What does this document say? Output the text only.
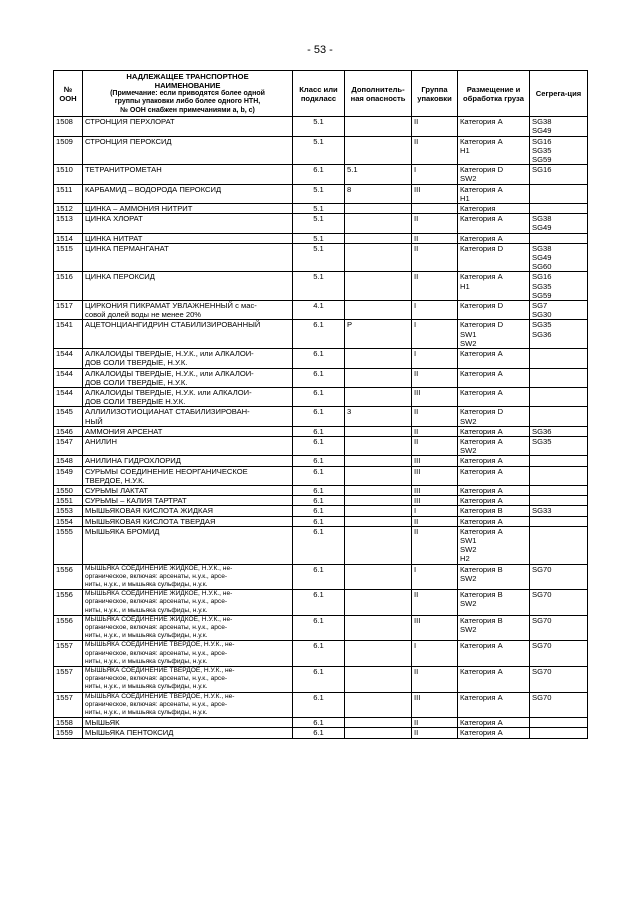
- 53 -
№ ООН	НАДЛЕЖАЩЕЕ ТРАНСПОРТНОЕ
НАИМЕНОВАНИЕ
(Примечание: если приводятся более одной
группы упаковки либо более одного НТН,
№ ООН снабжен примечаниями a, b, c)	Класс или подкласс	Дополнитель-ная опасность	Группа упаковки	Размещение и обработка груза	Сегрега-ция
1508	СТРОНЦИЯ ПЕРХЛОРАТ	5.1		II	Категория A	SG38
SG49

1509	СТРОНЦИЯ ПЕРОКСИД	5.1		II	Категория A
H1	SG16
SG35
SG59

1510	ТЕТРАНИТРОМЕТАН	6.1	5.1	I	Категория D
SW2	SG16

1511	КАРБАМИД – ВОДОРОДА ПЕРОКСИД	5.1	8	III	Категория A
H1	

1512	ЦИНКА – АММОНИЯ НИТРИТ	5.1			Категория	

1513	ЦИНКА ХЛОРАТ	5.1		II	Категория A	SG38
SG49

1514	ЦИНКА НИТРАТ	5.1		II	Категория A	

1515	ЦИНКА ПЕРМАНГАНАТ	5.1		II	Категория D	SG38
SG49
SG60

1516	ЦИНКА ПЕРОКСИД	5.1		II	Категория A
H1	SG16
SG35
SG59

1517	ЦИРКОНИЯ ПИКРАМАТ УВЛАЖНЕННЫЙ с мас-
совой долей воды не менее 20%	4.1		I	Категория D	SG7
SG30

1541	АЦЕТОНЦИАНГИДРИН СТАБИЛИЗИРОВАННЫЙ	6.1	P	I	Категория D
SW1
SW2	SG35
SG36

1544	АЛКАЛОИДЫ ТВЕРДЫЕ, Н.У.К., или АЛКАЛОИ-
ДОВ СОЛИ ТВЕРДЫЕ, Н.У.К.	6.1		I	Категория A	

1544	АЛКАЛОИДЫ ТВЕРДЫЕ, Н.У.К., или АЛКАЛОИ-
ДОВ СОЛИ ТВЕРДЫЕ, Н.У.К.	6.1		II	Категория A	

1544	АЛКАЛОИДЫ ТВЕРДЫЕ, Н.У.К. или АЛКАЛОИ-
ДОВ СОЛИ ТВЕРДЫЕ Н.У.К.	6.1		III	Категория A	

1545	АЛЛИЛИЗОТИОЦИАНАТ СТАБИЛИЗИРОВАН-
НЫЙ	6.1	3	II	Категория D
SW2	

1546	АММОНИЯ АРСЕНАТ	6.1		II	Категория A	SG36

1547	АНИЛИН	6.1		II	Категория A
SW2	SG35

1548	АНИЛИНА ГИДРОХЛОРИД	6.1		III	Категория A	

1549	СУРЬМЫ СОЕДИНЕНИЕ НЕОРГАНИЧЕСКОЕ
ТВЕРДОЕ, Н.У.К.	6.1		III	Категория A	

1550	СУРЬМЫ ЛАКТАТ	6.1		III	Категория A	

1551	СУРЬМЫ – КАЛИЯ ТАРТРАТ	6.1		III	Категория A	

1553	МЫШЬЯКОВАЯ КИСЛОТА ЖИДКАЯ	6.1		I	Категория B	SG33

1554	МЫШЬЯКОВАЯ КИСЛОТА ТВЕРДАЯ	6.1		II	Категория A	

1555	МЫШЬЯКА БРОМИД	6.1		II	Категория A
SW1
SW2
H2	

1556	МЫШЬЯКА СОЕДИНЕНИЕ ЖИДКОЕ, Н.У.К., не-
органическое, включая: арсенаты, н.у.к., арсе-
ниты, н.у.к., и мышьяка сульфиды, н.у.к.	6.1		I	Категория B
SW2	SG70

1556	МЫШЬЯКА СОЕДИНЕНИЕ ЖИДКОЕ, Н.У.К., не-
органическое, включая: арсенаты, н.у.к., арсе-
ниты, н.у.к., и мышьяка сульфиды, н.у.к.	6.1		II	Категория B
SW2	SG70

1556	МЫШЬЯКА СОЕДИНЕНИЕ ЖИДКОЕ, Н.У.К., не-
органическое, включая: арсенаты, н.у.к., арсе-
ниты, н.у.к., и мышьяка сульфиды, н.у.к.	6.1		III	Категория B
SW2	SG70

1557	МЫШЬЯКА СОЕДИНЕНИЕ ТВЕРДОЕ, Н.У.К., не-
органическое, включая: арсенаты, н.у.к., арсе-
ниты, н.у.к., и мышьяка сульфиды, н.у.к.	6.1		I	Категория A	SG70

1557	МЫШЬЯКА СОЕДИНЕНИЕ ТВЕРДОЕ, Н.У.К., не-
органическое, включая: арсенаты, н.у.к., арсе-
ниты, н.у.к., и мышьяка сульфиды, н.у.к.	6.1		II	Категория A	SG70

1557	МЫШЬЯКА СОЕДИНЕНИЕ ТВЕРДОЕ, Н.У.К., не-
органическое, включая: арсенаты, н.у.к., арсе-
ниты, н.у.к., и мышьяка сульфиды, н.у.к.	6.1		III	Категория A	SG70

1558	МЫШЬЯК	6.1		II	Категория A	

1559	МЫШЬЯКА ПЕНТОКСИД	6.1		II	Категория A	
